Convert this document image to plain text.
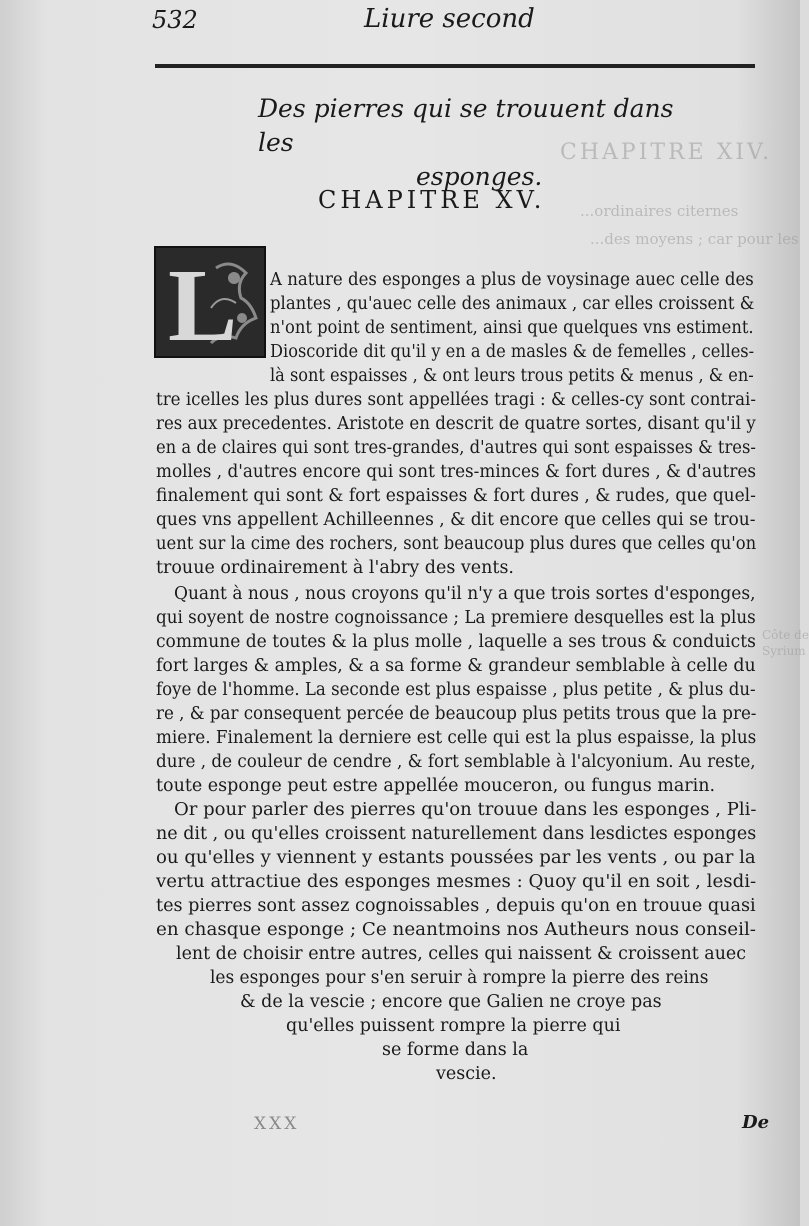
CHAPITRE XIV.
...ordinaires citernes
...des moyens ; car pour les
Côte de
Syrium
532	Liure second
Des pierres qui se trouuent dans les
esponges.
CHAPITRE XV.
L A nature des esponges a plus de voysinage auec celle des
plantes , qu'auec celle des animaux , car elles croissent &
n'ont point de sentiment, ainsi que quelques vns estiment.
Dioscoride dit qu'il y en a de masles & de femelles , celles-
là sont espaisses , & ont leurs trous petits & menus , & en-
tre icelles les plus dures sont appellées tragi : & celles-cy sont contrai-
res aux precedentes. Aristote en descrit de quatre sortes, disant qu'il y
en a de claires qui sont tres-grandes, d'autres qui sont espaisses & tres-
molles , d'autres encore qui sont tres-minces & fort dures , & d'autres
finalement qui sont & fort espaisses & fort dures , & rudes, que quel-
ques vns appellent Achilleennes , & dit encore que celles qui se trou-
uent sur la cime des rochers, sont beaucoup plus dures que celles qu'on
trouue ordinairement à l'abry des vents.
Quant à nous , nous croyons qu'il n'y a que trois sortes d'esponges,
qui soyent de nostre cognoissance ; La premiere desquelles est la plus
commune de toutes & la plus molle , laquelle a ses trous & conduicts
fort larges & amples, & a sa forme & grandeur semblable à celle du
foye de l'homme. La seconde est plus espaisse , plus petite , & plus du-
re , & par consequent percée de beaucoup plus petits trous que la pre-
miere. Finalement la derniere est celle qui est la plus espaisse, la plus
dure , de couleur de cendre , & fort semblable à l'alcyonium. Au reste,
toute esponge peut estre appellée mouceron, ou fungus marin.
Or pour parler des pierres qu'on trouue dans les esponges , Pli-
ne dit , ou qu'elles croissent naturellement dans lesdictes esponges
ou qu'elles y viennent y estants poussées par les vents , ou par la
vertu attractiue des esponges mesmes : Quoy qu'il en soit , lesdi-
tes pierres sont assez cognoissables , depuis qu'on en trouue quasi
en chasque esponge ; Ce neantmoins nos Autheurs nous conseil-
lent de choisir entre autres, celles qui naissent & croissent auec
les esponges pour s'en seruir à rompre la pierre des reins
& de la vescie ; encore que Galien ne croye pas
qu'elles puissent rompre la pierre qui
se forme dans la
vescie.
XXX	De
